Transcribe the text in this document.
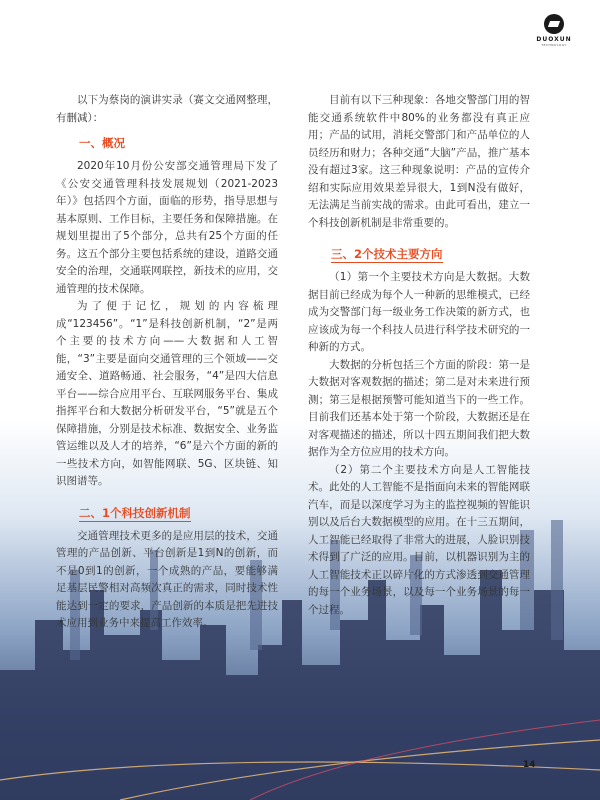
DUOXUN
TECHNOLOGY

以下为蔡岗的演讲实录（赛文交通网整理，有删减）：

一、概况

2020年10月份公安部交通管理局下发了《公安交通管理科技发展规划（2021-2023年）》包括四个方面，面临的形势，指导思想与基本原则、工作目标，主要任务和保障措施。在规划里提出了5个部分，总共有25个方面的任务。这五个部分主要包括系统的建设，道路交通安全的治理，交通联网联控，新技术的应用，交通管理的技术保障。

为了便于记忆，规划的内容梳理成“123456”。“1”是科技创新机制，“2”是两个主要的技术方向——大数据和人工智能，“3”主要是面向交通管理的三个领域——交通安全、道路畅通、社会服务，“4”是四大信息平台——综合应用平台、互联网服务平台、集成指挥平台和大数据分析研发平台，“5”就是五个保障措施，分别是技术标准、数据安全、业务监管运维以及人才的培养，“6”是六个方面的新的一些技术方向，如智能网联、5G、区块链、知识图谱等。

二、1个科技创新机制

交通管理技术更多的是应用层的技术，交通管理的产品创新、平台创新是1到N的创新，而不是0到1的创新，一个成熟的产品，要能够满足基层民警相对高频次真正的需求，同时技术性能达到一定的要求，产品创新的本质是把先进技术应用到业务中来提高工作效率。

目前有以下三种现象：各地交警部门用的智能交通系统软件中80%的业务都没有真正应用；产品的试用，消耗交警部门和产品单位的人员经历和财力；各种交通“大脑”产品，推广基本没有超过3家。这三种现象说明：产品的宣传介绍和实际应用效果差异很大，1到N没有做好，无法满足当前实战的需求。由此可看出，建立一个科技创新机制是非常重要的。

三、2个技术主要方向

（1）第一个主要技术方向是大数据。大数据目前已经成为每个人一种新的思维模式，已经成为交警部门每一级业务工作决策的新方式，也应该成为每一个科技人员进行科学技术研究的一种新的方式。

大数据的分析包括三个方面的阶段：第一是大数据对客观数据的描述；第二是对未来进行预测；第三是根据预警可能知道当下的一些工作。目前我们还基本处于第一个阶段，大数据还是在对客观描述的描述，所以十四五期间我们把大数据作为全方位应用的技术方向。

（2）第二个主要技术方向是人工智能技术。此处的人工智能不是指面向未来的智能网联汽车，而是以深度学习为主的监控视频的智能识别以及后台大数据模型的应用。在十三五期间，人工智能已经取得了非常大的进展，人脸识别技术得到了广泛的应用。目前，以机器识别为主的人工智能技术正以碎片化的方式渗透到交通管理的每一个业务场景，以及每一个业务场景的每一个过程。

14
